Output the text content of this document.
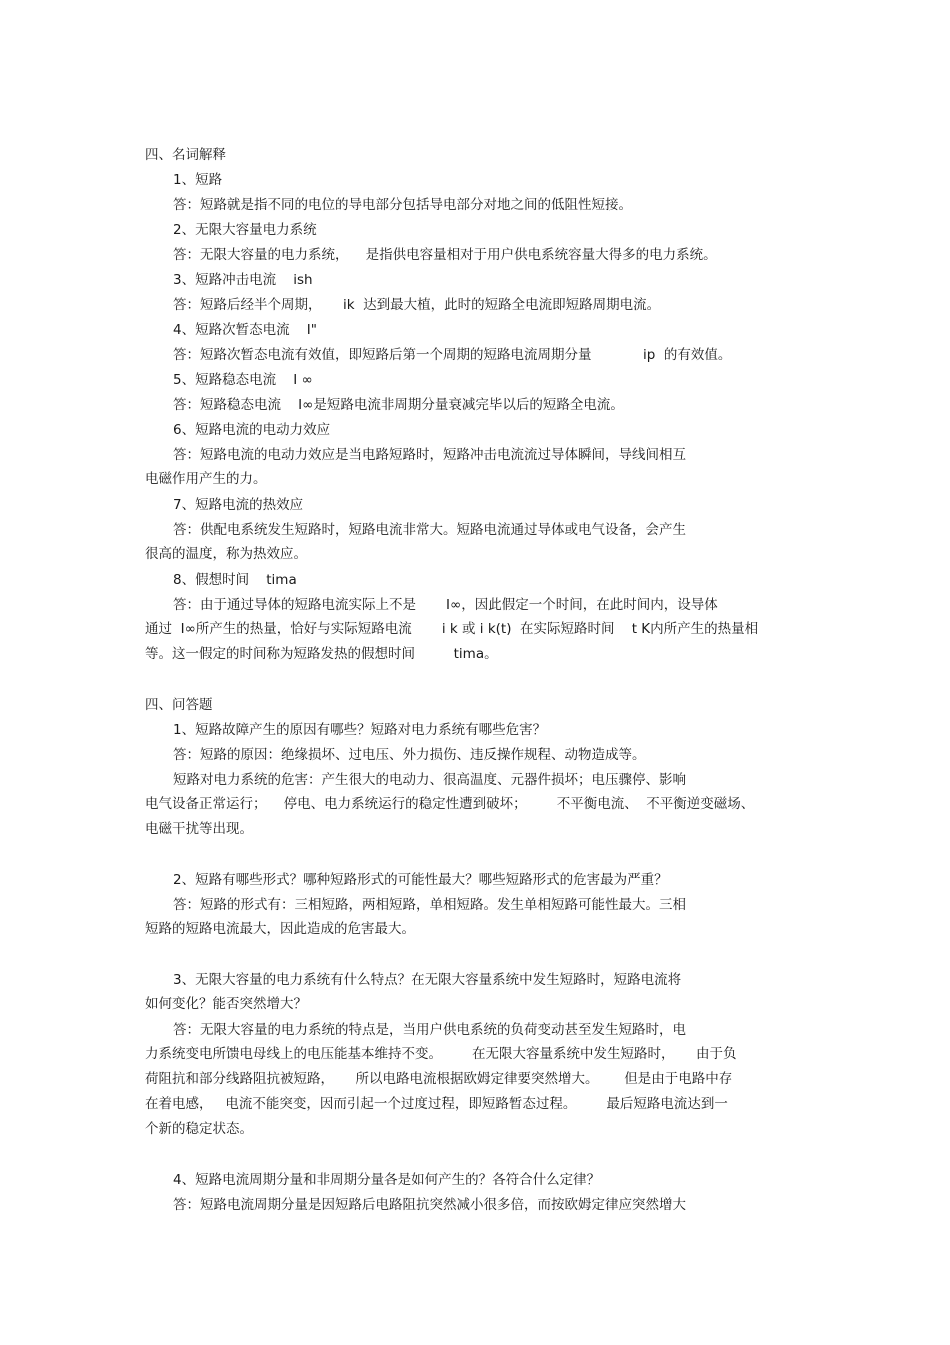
四、名词解释

1、短路

答：短路就是指不同的电位的导电部分包括导电部分对地之间的低阻性短接。

2、无限大容量电力系统

答：无限大容量的电力系统，    是指供电容量相对于用户供电系统容量大得多的电力系统。

3、短路冲击电流    ish

答：短路后经半个周期，     ik  达到最大植，此时的短路全电流即短路周期电流。

4、短路次暂态电流    I"

答：短路次暂态电流有效值，即短路后第一个周期的短路电流周期分量            ip  的有效值。

5、短路稳态电流    I ∞

答：短路稳态电流    I∞是短路电流非周期分量衰减完毕以后的短路全电流。

6、短路电流的电动力效应

答：短路电流的电动力效应是当电路短路时，短路冲击电流流过导体瞬间，导线间相互

电磁作用产生的力。

7、短路电流的热效应

答：供配电系统发生短路时，短路电流非常大。短路电流通过导体或电气设备，会产生

很高的温度，称为热效应。

8、假想时间    tima

答：由于通过导体的短路电流实际上不是       I∞，因此假定一个时间，在此时间内，设导体

通过  I∞所产生的热量，恰好与实际短路电流       i k 或 i k(t)  在实际短路时间    t K内所产生的热量相

等。这一假定的时间称为短路发热的假想时间         tima。

四、问答题

1、短路故障产生的原因有哪些？短路对电力系统有哪些危害？

答：短路的原因：绝缘损坏、过电压、外力损伤、违反操作规程、动物造成等。

短路对电力系统的危害：产生很大的电动力、很高温度、元器件损坏；电压骤停、影响

电气设备正常运行；    停电、电力系统运行的稳定性遭到破坏；       不平衡电流、  不平衡逆变磁场、

电磁干扰等出现。

2、短路有哪些形式？哪种短路形式的可能性最大？哪些短路形式的危害最为严重？

答：短路的形式有：三相短路，两相短路，单相短路。发生单相短路可能性最大。三相

短路的短路电流最大，因此造成的危害最大。

3、无限大容量的电力系统有什么特点？在无限大容量系统中发生短路时，短路电流将

如何变化？能否突然增大？

答：无限大容量的电力系统的特点是，当用户供电系统的负荷变动甚至发生短路时，电

力系统变电所馈电母线上的电压能基本维持不变。       在无限大容量系统中发生短路时，     由于负

荷阻抗和部分线路阻抗被短路，     所以电路电流根据欧姆定律要突然增大。      但是由于电路中存

在着电感，   电流不能突变，因而引起一个过度过程，即短路暂态过程。       最后短路电流达到一

个新的稳定状态。

4、短路电流周期分量和非周期分量各是如何产生的？各符合什么定律？

答：短路电流周期分量是因短路后电路阻抗突然减小很多倍，而按欧姆定律应突然增大
